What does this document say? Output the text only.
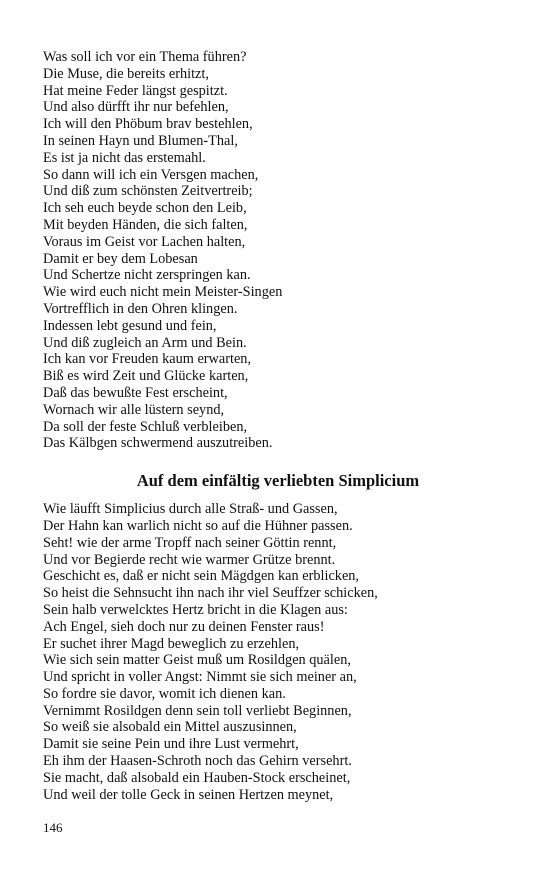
Was soll ich vor ein Thema führen?
Die Muse, die bereits erhitzt,
Hat meine Feder längst gespitzt.
Und also dürfft ihr nur befehlen,
Ich will den Phöbum brav bestehlen,
In seinen Hayn und Blumen-Thal,
Es ist ja nicht das erstemahl.
So dann will ich ein Versgen machen,
Und diß zum schönsten Zeitvertreib;
Ich seh euch beyde schon den Leib,
Mit beyden Händen, die sich falten,
Voraus im Geist vor Lachen halten,
Damit er bey dem Lobesan
Und Schertze nicht zerspringen kan.
Wie wird euch nicht mein Meister-Singen
Vortrefflich in den Ohren klingen.
Indessen lebt gesund und fein,
Und diß zugleich an Arm und Bein.
Ich kan vor Freuden kaum erwarten,
Biß es wird Zeit und Glücke karten,
Daß das bewußte Fest erscheint,
Wornach wir alle lüstern seynd,
Da soll der feste Schluß verbleiben,
Das Kälbgen schwermend auszutreiben.
Auf dem einfältig verliebten Simplicium
Wie läufft Simplicius durch alle Straß- und Gassen,
Der Hahn kan warlich nicht so auf die Hühner passen.
Seht! wie der arme Tropff nach seiner Göttin rennt,
Und vor Begierde recht wie warmer Grütze brennt.
Geschicht es, daß er nicht sein Mägdgen kan erblicken,
So heist die Sehnsucht ihn nach ihr viel Seuffzer schicken,
Sein halb verwelcktes Hertz bricht in die Klagen aus:
Ach Engel, sieh doch nur zu deinen Fenster raus!
Er suchet ihrer Magd beweglich zu erzehlen,
Wie sich sein matter Geist muß um Rosildgen quälen,
Und spricht in voller Angst: Nimmt sie sich meiner an,
So fordre sie davor, womit ich dienen kan.
Vernimmt Rosildgen denn sein toll verliebt Beginnen,
So weiß sie alsobald ein Mittel auszusinnen,
Damit sie seine Pein und ihre Lust vermehrt,
Eh ihm der Haasen-Schroth noch das Gehirn versehrt.
Sie macht, daß alsobald ein Hauben-Stock erscheinet,
Und weil der tolle Geck in seinen Hertzen meynet,
146
